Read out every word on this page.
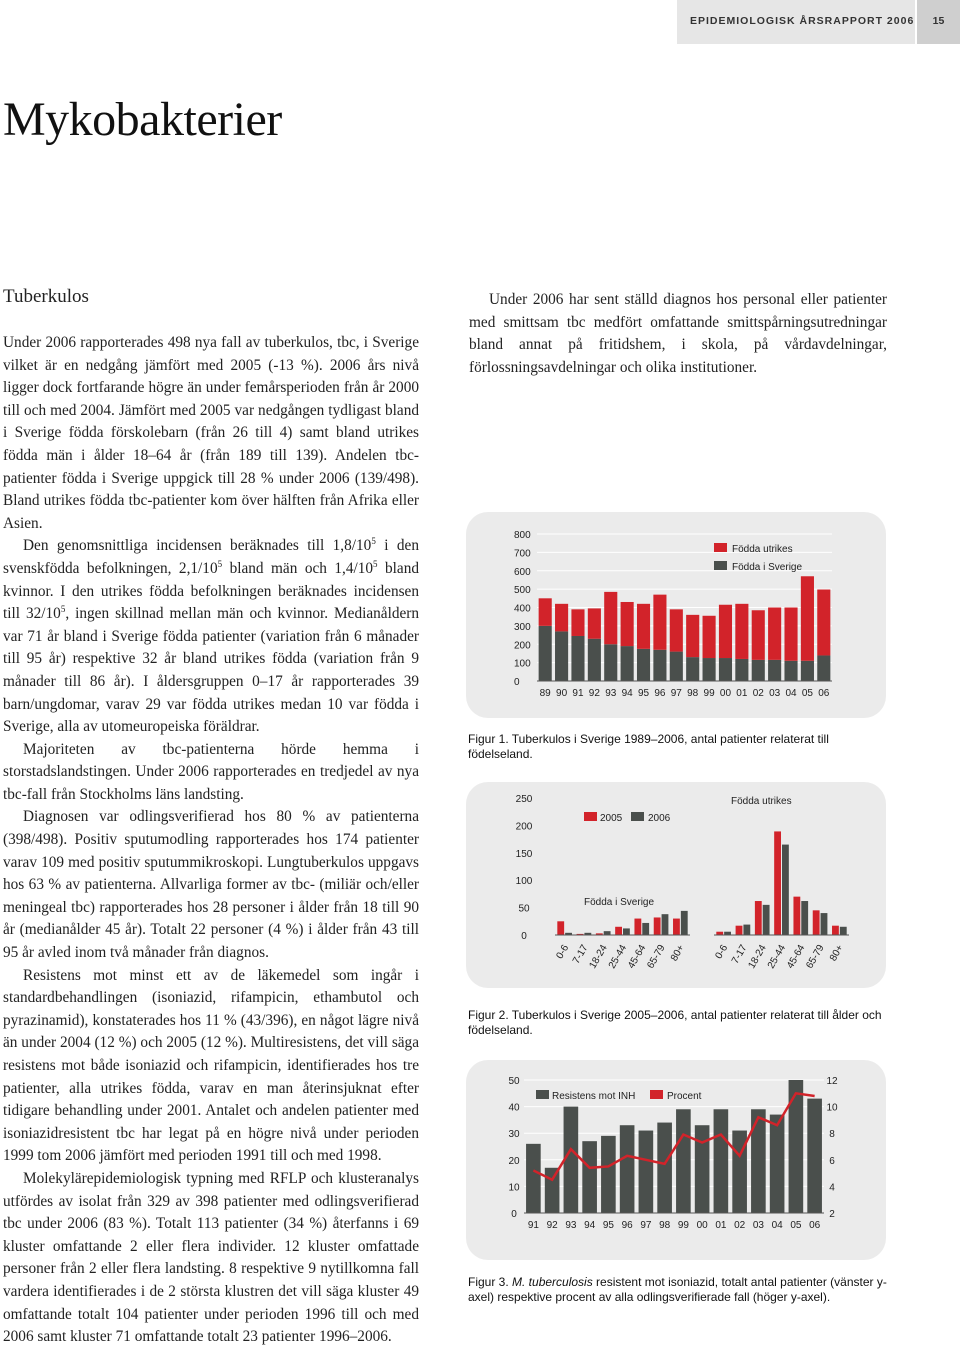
EPIDEMIOLOGISK ÅRSRAPPORT 2006	15
Mykobakterier
Tuberkulos

Under 2006 rapporterades 498 nya fall av tuberkulos, tbc, i Sverige vilket är en nedgång jämfört med 2005 (-13 %). 2006 års nivå ligger dock fortfarande högre än under femårsperioden från år 2000 till och med 2004. Jämfört med 2005 var nedgången tydligast bland i Sverige födda förskolebarn (från 26 till 4) samt bland utrikes födda män i ålder 18–64 år (från 189 till 139). Andelen tbc-patienter födda i Sverige uppgick till 28 % under 2006 (139/498). Bland utrikes födda tbc-patienter kom över hälften från Afrika eller Asien.

Den genomsnittliga incidensen beräknades till $1,8/10^5$ i den svenskfödda befolkningen, $2,1/10^5$ bland män och $1,4/10^5$ bland kvinnor. I den utrikes födda befolkningen beräknades incidensen till $32/10^5$, ingen skillnad mellan män och kvinnor. Medianåldern var 71 år bland i Sverige födda patienter (variation från 6 månader till 95 år) respektive 32 år bland utrikes födda (variation från 9 månader till 86 år). I åldersgruppen 0–17 år rapporterades 39 barn/ungdomar, varav 29 var födda utrikes medan 10 var födda i Sverige, alla av utomeuropeiska föräldrar.

Majoriteten av tbc-patienterna hörde hemma i storstadslandstingen. Under 2006 rapporterades en tredjedel av nya tbc-fall från Stockholms läns landsting.

Diagnosen var odlingsverifierad hos 80 % av patienterna (398/498). Positiv sputumodling rapporterades hos 174 patienter varav 109 med positiv sputummikroskopi. Lungtuberkulos uppgavs hos 63 % av patienterna. Allvarliga former av tbc- (miliär och/eller meningeal tbc) rapporterades hos 28 personer i ålder från 18 till 90 år (medianålder 45 år). Totalt 22 personer (4 %) i ålder från 43 till 95 år avled inom två månader från diagnos.

Resistens mot minst ett av de läkemedel som ingår i standardbehandlingen (isoniazid, rifampicin, ethambutol och pyrazinamid), konstaterades hos 11 % (43/396), en något lägre nivå än under 2004 (12 %) och 2005 (12 %). Multiresistens, det vill säga resistens mot både isoniazid och rifampicin, identifierades hos tre patienter, alla utrikes födda, varav en man återinsjuknat efter tidigare behandling under 2001. Antalet och andelen patienter med isoniazidresistent tbc har legat på en högre nivå under perioden 1999 tom 2006 jämfört med perioden 1991 till och med 1998.

Molekylärepidemiologisk typning med RFLP och klusteranalys utfördes av isolat från 329 av 398 patienter med odlingsverifierad tbc under 2006 (83 %). Totalt 113 patienter (34 %) återfanns i 69 kluster omfattande 2 eller flera individer. 12 kluster omfattade personer från 2 eller flera landsting. 8 respektive 9 nytillkomna fall vardera identifierades i de 2 största klustren det vill säga kluster 49 omfattande totalt 104 patienter under perioden 1996 till och med 2006 samt kluster 71 omfattande totalt 23 patienter 1996–2006.

Under 2006 har sent ställd diagnos hos personal eller patienter med smittsam tbc medfört omfattande smittspårningsutredningar bland annat på fritidshem, i skola, på vårdavdelningar, förlossningsavdelningar och olika institutioner.

0
100
200
300
400
500
600
700
800
89 90 91 92 93 94 95 96 97 98 99 00 01 02 03 04 05 06
Födda utrikes
Födda i Sverige
Figur 1. Tuberkulos i Sverige 1989–2006, antal patienter relaterat till födelseland.
0
50
100
150
200
250
0-6 7-17
18-24
25-44
45-64
65-79 80+	0-6 7-17
18-24
25-44
45-64
65-79 80+
Födda i Sverige
Födda utrikes
2005	2006
Figur 2. Tuberkulos i Sverige 2005–2006, antal patienter relaterat till ålder och födelseland.
0
10
20
30
40
50
2
4
6
8
10
12
91 92 93 94 95 96 97 98 99 00 01 02 03 04 05 06
Resistens mot INH	Procent
Figur 3. M. tuberculosis resistent mot isoniazid, totalt antal patienter (vänster y-axel) respektive procent av alla odlingsverifierade fall (höger y-axel).
